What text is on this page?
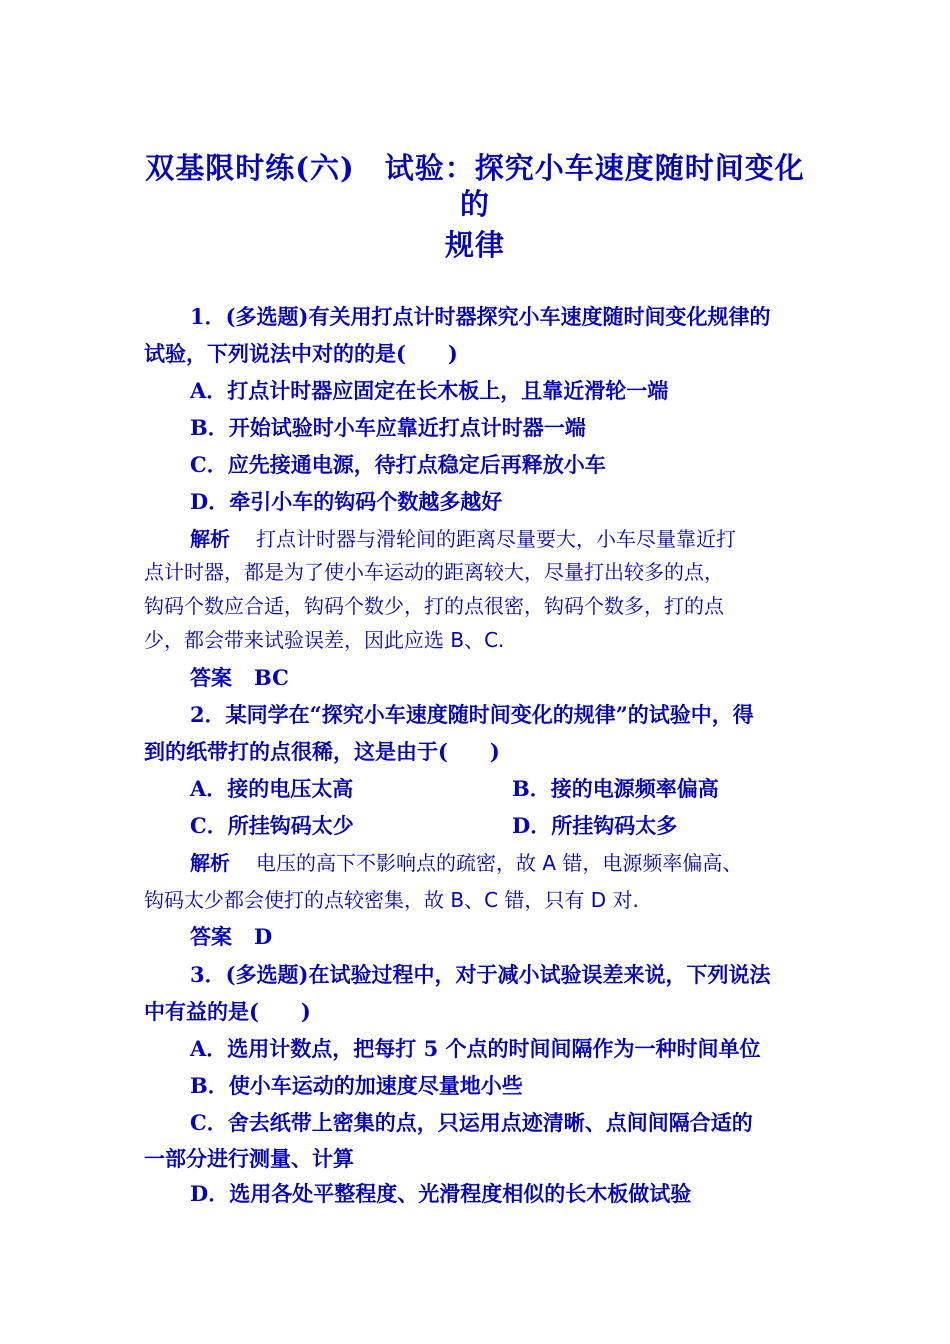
双基限时练(六)　试验：探究小车速度随时间变化的
规律
1．(多选题)有关用打点计时器探究小车速度随时间变化规律的
试验，下列说法中对的的是(　　)
A．打点计时器应固定在长木板上，且靠近滑轮一端
B．开始试验时小车应靠近打点计时器一端
C．应先接通电源，待打点稳定后再释放小车
D．牵引小车的钩码个数越多越好
解析 打点计时器与滑轮间的距离尽量要大，小车尽量靠近打
点计时器，都是为了使小车运动的距离较大，尽量打出较多的点，
钩码个数应合适，钩码个数少，打的点很密，钩码个数多，打的点
少，都会带来试验误差，因此应选 B、C.
答案 BC
2．某同学在“探究小车速度随时间变化的规律”的试验中，得
到的纸带打的点很稀，这是由于(　　)
A．接的电压太高	B．接的电源频率偏高
C．所挂钩码太少	D．所挂钩码太多
解析 电压的高下不影响点的疏密，故 A 错，电源频率偏高、
钩码太少都会使打的点较密集，故 B、C 错，只有 D 对.
答案 D
3．(多选题)在试验过程中，对于减小试验误差来说，下列说法
中有益的是(　　)
A．选用计数点，把每打 5 个点的时间间隔作为一种时间单位
B．使小车运动的加速度尽量地小些
C．舍去纸带上密集的点，只运用点迹清晰、点间间隔合适的
一部分进行测量、计算
D．选用各处平整程度、光滑程度相似的长木板做试验
